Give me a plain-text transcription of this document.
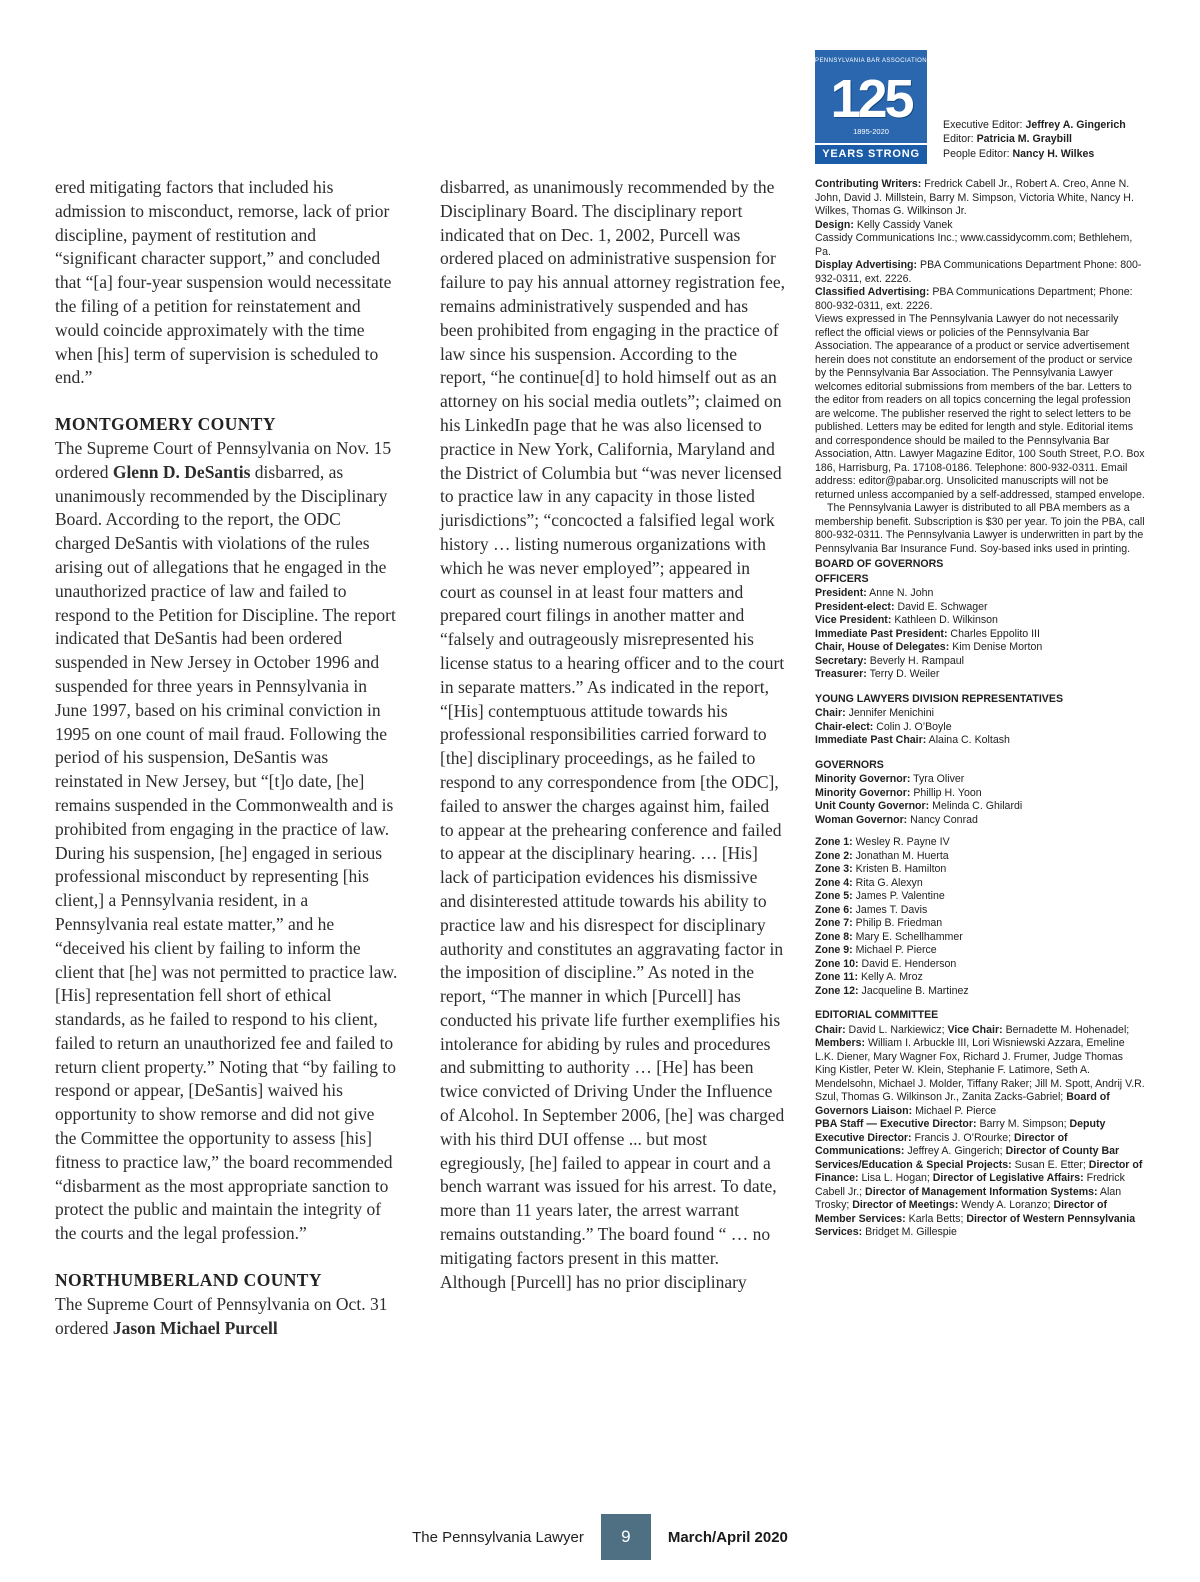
ered mitigating factors that included his admission to misconduct, remorse, lack of prior discipline, payment of restitution and “significant character support,” and concluded that “[a] four-year suspension would necessitate the filing of a petition for reinstatement and would coincide approximately with the time when [his] term of supervision is scheduled to end.”

MONTGOMERY COUNTY

The Supreme Court of Pennsylvania on Nov. 15 ordered Glenn D. DeSantis disbarred, as unanimously recommended by the Disciplinary Board. According to the report, the ODC charged DeSantis with violations of the rules arising out of allegations that he engaged in the unauthorized practice of law and failed to respond to the Petition for Discipline. The report indicated that DeSantis had been ordered suspended in New Jersey in October 1996 and suspended for three years in Pennsylvania in June 1997, based on his criminal conviction in 1995 on one count of mail fraud. Following the period of his suspension, DeSantis was reinstated in New Jersey, but “[t]o date, [he] remains suspended in the Commonwealth and is prohibited from engaging in the practice of law. During his suspension, [he] engaged in serious professional misconduct by representing [his client,] a Pennsylvania resident, in a Pennsylvania real estate matter,” and he “deceived his client by failing to inform the client that [he] was not permitted to practice law. [His] representation fell short of ethical standards, as he failed to respond to his client, failed to return an unauthorized fee and failed to return client property.” Noting that “by failing to respond or appear, [DeSantis] waived his opportunity to show remorse and did not give the Committee the opportunity to assess [his] fitness to practice law,” the board recommended “disbarment as the most appropriate sanction to protect the public and maintain the integrity of the courts and the legal profession.”

NORTHUMBERLAND COUNTY

The Supreme Court of Pennsylvania on Oct. 31 ordered Jason Michael Purcell

disbarred, as unanimously recommended by the Disciplinary Board. The disciplinary report indicated that on Dec. 1, 2002, Purcell was ordered placed on administrative suspension for failure to pay his annual attorney registration fee, remains administratively suspended and has been prohibited from engaging in the practice of law since his suspension. According to the report, “he continue[d] to hold himself out as an attorney on his social media outlets”; claimed on his LinkedIn page that he was also licensed to practice in New York, California, Maryland and the District of Columbia but “was never licensed to practice law in any capacity in those listed jurisdictions”; “concocted a falsified legal work history … listing numerous organizations with which he was never employed”; appeared in court as counsel in at least four matters and prepared court filings in another matter and “falsely and outrageously misrepresented his license status to a hearing officer and to the court in separate matters.” As indicated in the report, “[His] contemptuous attitude towards his professional responsibilities carried forward to [the] disciplinary proceedings, as he failed to respond to any correspondence from [the ODC], failed to answer the charges against him, failed to appear at the prehearing conference and failed to appear at the disciplinary hearing. … [His] lack of participation evidences his dismissive and disinterested attitude towards his ability to practice law and his disrespect for disciplinary authority and constitutes an aggravating factor in the imposition of discipline.” As noted in the report, “The manner in which [Purcell] has conducted his private life further exemplifies his intolerance for abiding by rules and procedures and submitting to authority … [He] has been twice convicted of Driving Under the Influence of Alcohol. In September 2006, [he] was charged with his third DUI offense ... but most egregiously, [he] failed to appear in court and a bench warrant was issued for his arrest. To date, more than 11 years later, the arrest warrant remains outstanding.” The board found “ … no mitigating factors present in this matter. Although [Purcell] has no prior disciplinary

PENNSYLVANIA BAR ASSOCIATION
125
1895-2020
YEARS STRONG
Executive Editor: Jeffrey A. Gingerich
Editor: Patricia M. Graybill
People Editor: Nancy H. Wilkes

Contributing Writers: Fredrick Cabell Jr., Robert A. Creo, Anne N. John, David J. Millstein, Barry M. Simpson, Victoria White, Nancy H. Wilkes, Thomas G. Wilkinson Jr.

Design: Kelly Cassidy Vanek
Cassidy Communications Inc.; www.cassidycomm.com; Bethlehem, Pa.

Display Advertising: PBA Communications Department Phone: 800-932-0311, ext. 2226.

Classified Advertising: PBA Communications Department; Phone: 800-932-0311, ext. 2226.

Views expressed in The Pennsylvania Lawyer do not necessarily reflect the official views or policies of the Pennsylvania Bar Association. The appearance of a product or service advertisement herein does not constitute an endorsement of the product or service by the Pennsylvania Bar Association. The Pennsylvania Lawyer welcomes editorial submissions from members of the bar. Letters to the editor from readers on all topics concerning the legal profession are welcome. The publisher reserved the right to select letters to be published. Letters may be edited for length and style. Editorial items and correspondence should be mailed to the Pennsylvania Bar Association, Attn. Lawyer Magazine Editor, 100 South Street, P.O. Box 186, Harrisburg, Pa. 17108-0186. Telephone: 800-932-0311. Email address: editor@pabar.org. Unsolicited manuscripts will not be returned unless accompanied by a self-addressed, stamped envelope.

The Pennsylvania Lawyer is distributed to all PBA members as a membership benefit. Subscription is $30 per year. To join the PBA, call 800-932-0311. The Pennsylvania Lawyer is underwritten in part by the Pennsylvania Bar Insurance Fund. Soy-based inks used in printing.

BOARD OF GOVERNORS
OFFICERS
President: Anne N. John
President-elect: David E. Schwager
Vice President: Kathleen D. Wilkinson
Immediate Past President: Charles Eppolito III
Chair, House of Delegates: Kim Denise Morton
Secretary: Beverly H. Rampaul
Treasurer: Terry D. Weiler
YOUNG LAWYERS DIVISION REPRESENTATIVES
Chair: Jennifer Menichini
Chair-elect: Colin J. O’Boyle
Immediate Past Chair: Alaina C. Koltash
GOVERNORS
Minority Governor: Tyra Oliver
Minority Governor: Phillip H. Yoon
Unit County Governor: Melinda C. Ghilardi
Woman Governor: Nancy Conrad
Zone 1: Wesley R. Payne IV
Zone 2: Jonathan M. Huerta
Zone 3: Kristen B. Hamilton
Zone 4: Rita G. Alexyn
Zone 5: James P. Valentine
Zone 6: James T. Davis
Zone 7: Philip B. Friedman
Zone 8: Mary E. Schellhammer
Zone 9: Michael P. Pierce
Zone 10: David E. Henderson
Zone 11: Kelly A. Mroz
Zone 12: Jacqueline B. Martinez
EDITORIAL COMMITTEE

Chair: David L. Narkiewicz; Vice Chair: Bernadette M. Hohenadel; Members: William I. Arbuckle III, Lori Wisniewski Azzara, Emeline L.K. Diener, Mary Wagner Fox, Richard J. Frumer, Judge Thomas King Kistler, Peter W. Klein, Stephanie F. Latimore, Seth A. Mendelsohn, Michael J. Molder, Tiffany Raker; Jill M. Spott, Andrij V.R. Szul, Thomas G. Wilkinson Jr., Zanita Zacks-Gabriel; Board of Governors Liaison: Michael P. Pierce

PBA Staff — Executive Director: Barry M. Simpson; Deputy Executive Director: Francis J. O’Rourke; Director of Communications: Jeffrey A. Gingerich; Director of County Bar Services/Education & Special Projects: Susan E. Etter; Director of Finance: Lisa L. Hogan; Director of Legislative Affairs: Fredrick Cabell Jr.; Director of Management Information Systems: Alan Trosky; Director of Meetings: Wendy A. Loranzo; Director of Member Services: Karla Betts; Director of Western Pennsylvania Services: Bridget M. Gillespie

The Pennsylvania Lawyer	9	March/April 2020
